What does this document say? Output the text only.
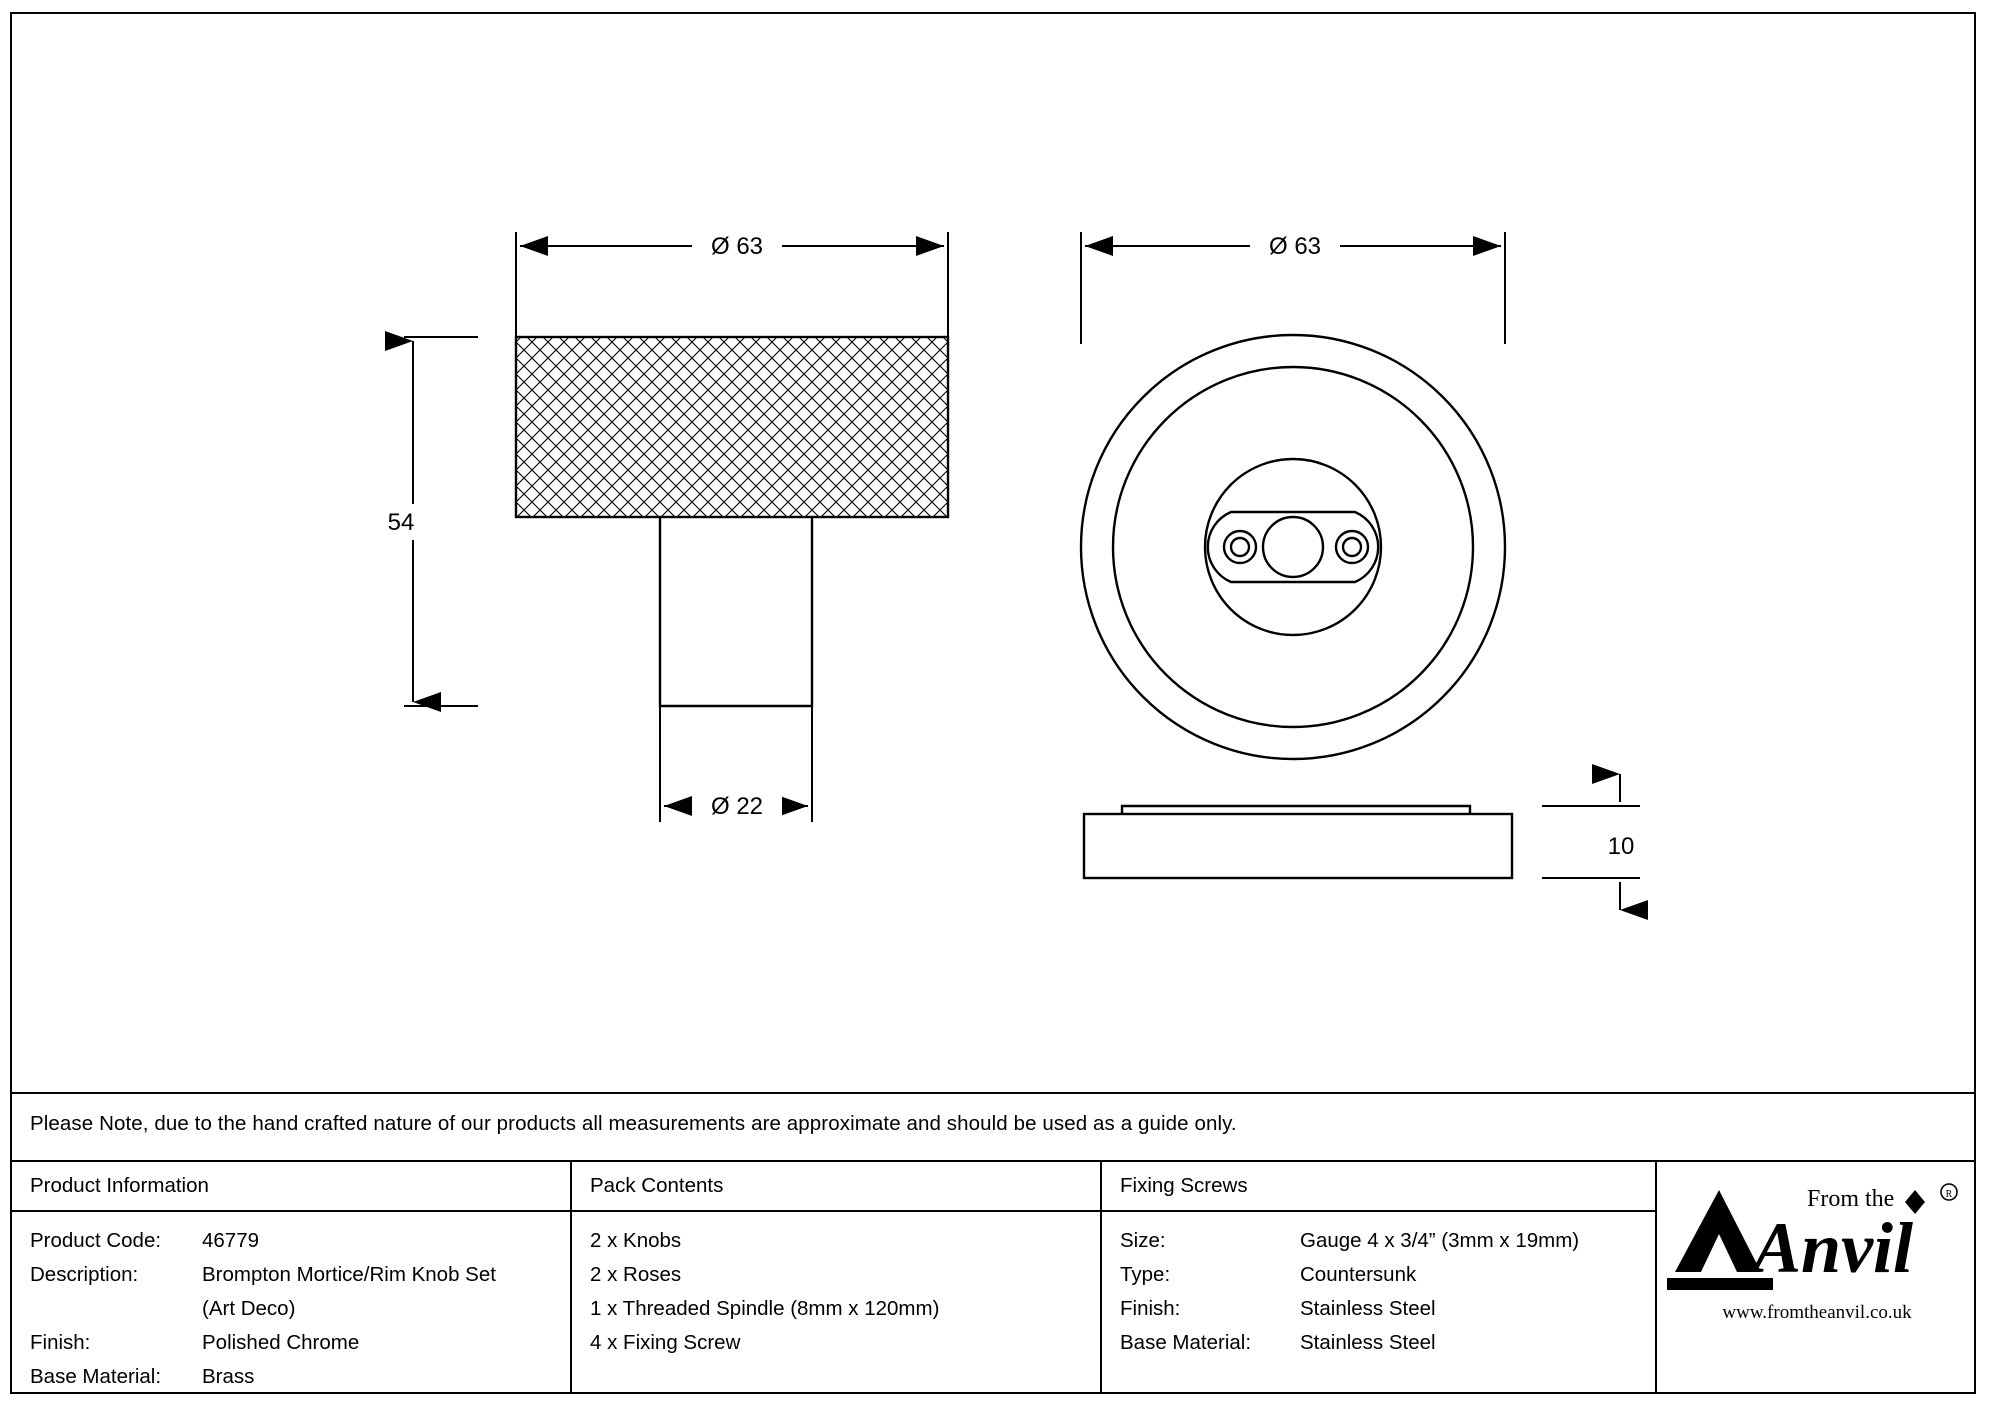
Ø 63
54
Ø 22
Ø 63
10
Please Note, due to the hand crafted nature of our products all measurements are approximate and should be used as a guide only.
Product Information
Product Code:	46779
Description:	Brompton Mortice/Rim Knob Set
(Art Deco)
Finish:	Polished Chrome
Base Material:	Brass
Pack Contents
2 x Knobs
2 x Roses
1 x Threaded Spindle (8mm x 120mm)
4 x Fixing Screw
Fixing Screws
Size:	Gauge 4 x 3/4” (3mm x 19mm)
Type:	Countersunk
Finish:	Stainless Steel
Base Material:	Stainless Steel
From the	R
Anvil
www.fromtheanvil.co.uk
